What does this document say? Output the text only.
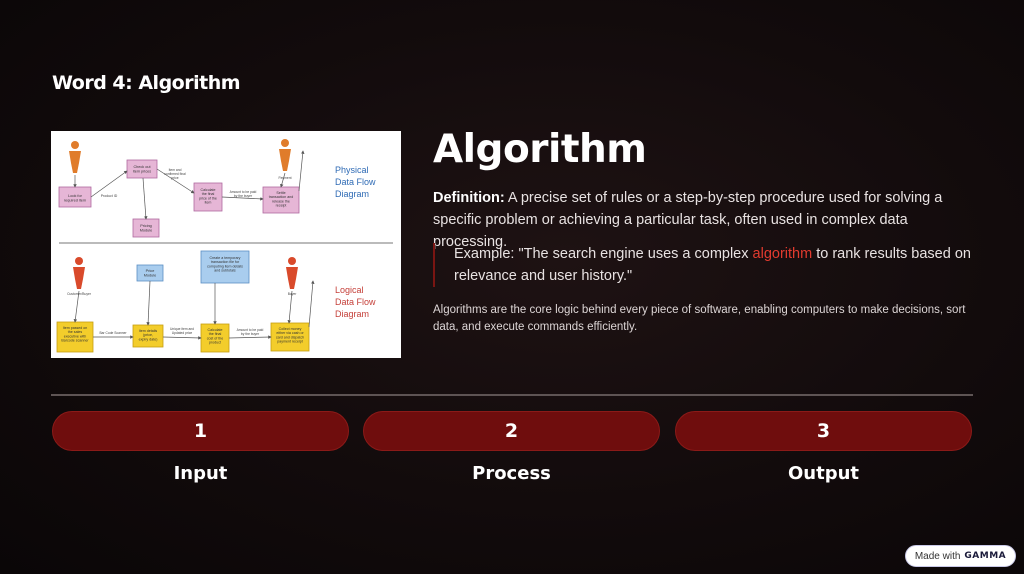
Word 4: Algorithm
Physical Data Flow Diagram
Logical Data Flow Diagram
Look for required item
Check out item prices
Calculate the final price of the item
Settle transaction and release the receipt
Pricing Module
Create a temporary transaction file for computing item details and subtotals
Price Module
Item passed on the sales executive with Barcode scanner
Item details (price, expiry date)
Calculate the final cost of the product
Collect money either via cash or card and dispatch payment receipt
Product ID
Item and confirmed final price
Amount to be paid by the buyer
Unique item and Updated price
Amount to be paid by the buyer
Bar Code Scanner
Customer/Buyer	Buyer
Payment
Algorithm
Definition: A precise set of rules or a step-by-step procedure used for solving a specific problem or achieving a particular task, often used in complex data processing.
Example: "The search engine uses a complex algorithm to rank results based on relevance and user history."
Algorithms are the core logic behind every piece of software, enabling computers to make decisions, sort data, and execute commands efficiently.
1	2	3
Input	Process	Output
Made with GAMMA
